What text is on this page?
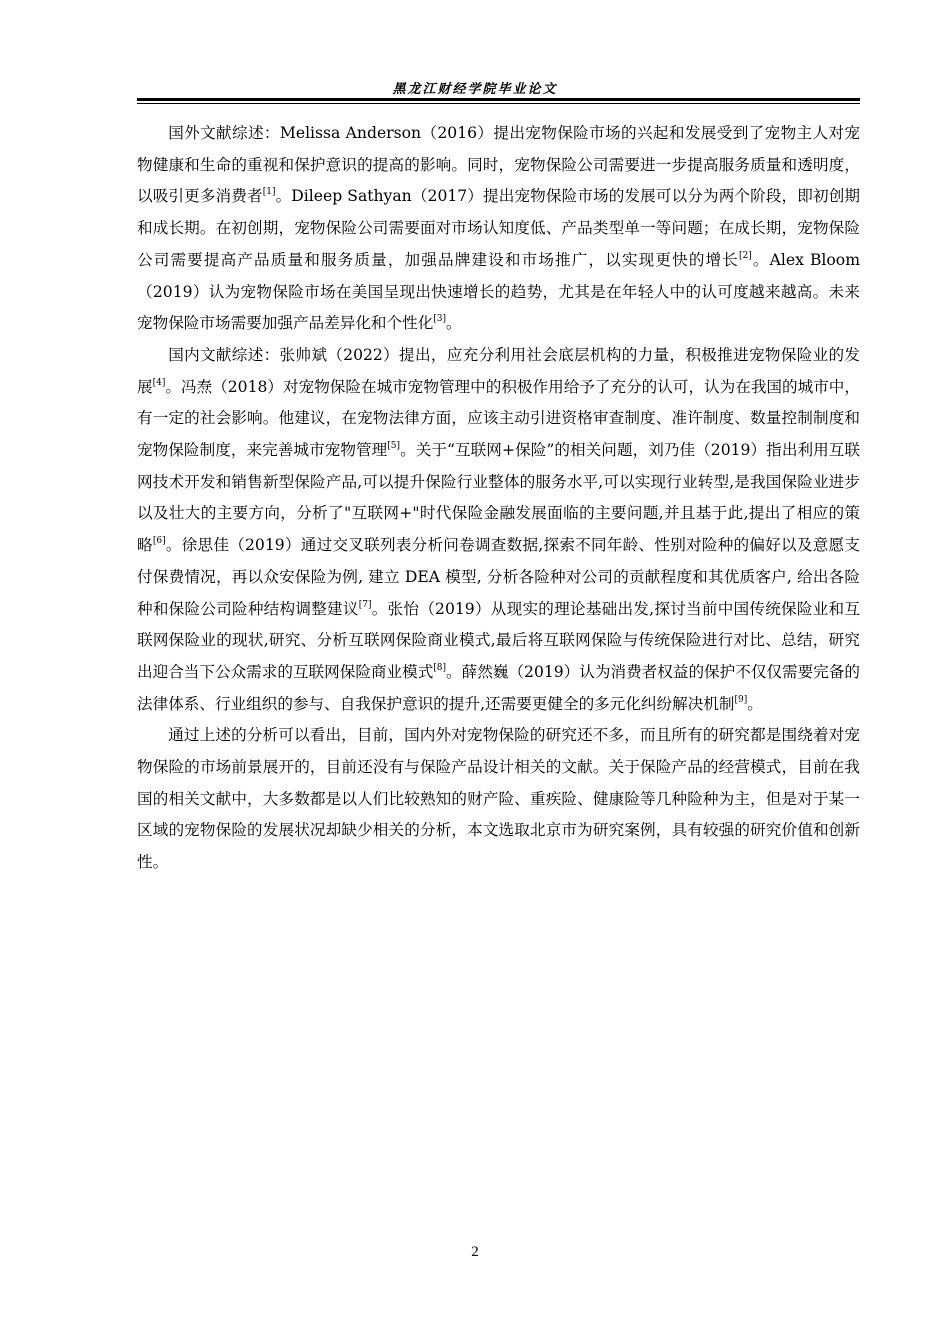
黑龙江财经学院毕业论文

国外文献综述：Melissa Anderson（2016）提出宠物保险市场的兴起和发展受到了宠物主人对宠物健康和生命的重视和保护意识的提高的影响。同时，宠物保险公司需要进一步提高服务质量和透明度，以吸引更多消费者[1]。Dileep Sathyan（2017）提出宠物保险市场的发展可以分为两个阶段，即初创期和成长期。在初创期，宠物保险公司需要面对市场认知度低、产品类型单一等问题；在成长期，宠物保险公司需要提高产品质量和服务质量，加强品牌建设和市场推广，以实现更快的增长[2]。Alex Bloom（2019）认为宠物保险市场在美国呈现出快速增长的趋势，尤其是在年轻人中的认可度越来越高。未来宠物保险市场需要加强产品差异化和个性化[3]。

国内文献综述：张帅斌（2022）提出，应充分利用社会底层机构的力量，积极推进宠物保险业的发展[4]。冯焘（2018）对宠物保险在城市宠物管理中的积极作用给予了充分的认可，认为在我国的城市中，有一定的社会影响。他建议，在宠物法律方面，应该主动引进资格审查制度、准许制度、数量控制制度和宠物保险制度，来完善城市宠物管理[5]。关于“互联网+保险”的相关问题，刘乃佳（2019）指出利用互联网技术开发和销售新型保险产品,可以提升保险行业整体的服务水平,可以实现行业转型,是我国保险业进步以及壮大的主要方向，分析了"互联网+"时代保险金融发展面临的主要问题,并且基于此,提出了相应的策略[6]。徐思佳（2019）通过交叉联列表分析问卷调查数据,探索不同年龄、性别对险种的偏好以及意愿支付保费情况，再以众安保险为例, 建立 DEA 模型, 分析各险种对公司的贡献程度和其优质客户, 给出各险种和保险公司险种结构调整建议[7]。张怡（2019）从现实的理论基础出发,探讨当前中国传统保险业和互联网保险业的现状,研究、分析互联网保险商业模式,最后将互联网保险与传统保险进行对比、总结，研究出迎合当下公众需求的互联网保险商业模式[8]。薛然巍（2019）认为消费者权益的保护不仅仅需要完备的法律体系、行业组织的参与、自我保护意识的提升,还需要更健全的多元化纠纷解决机制[9]。

通过上述的分析可以看出，目前，国内外对宠物保险的研究还不多，而且所有的研究都是围绕着对宠物保险的市场前景展开的，目前还没有与保险产品设计相关的文献。关于保险产品的经营模式，目前在我国的相关文献中，大多数都是以人们比较熟知的财产险、重疾险、健康险等几种险种为主，但是对于某一区域的宠物保险的发展状况却缺少相关的分析，本文选取北京市为研究案例，具有较强的研究价值和创新性。

2
